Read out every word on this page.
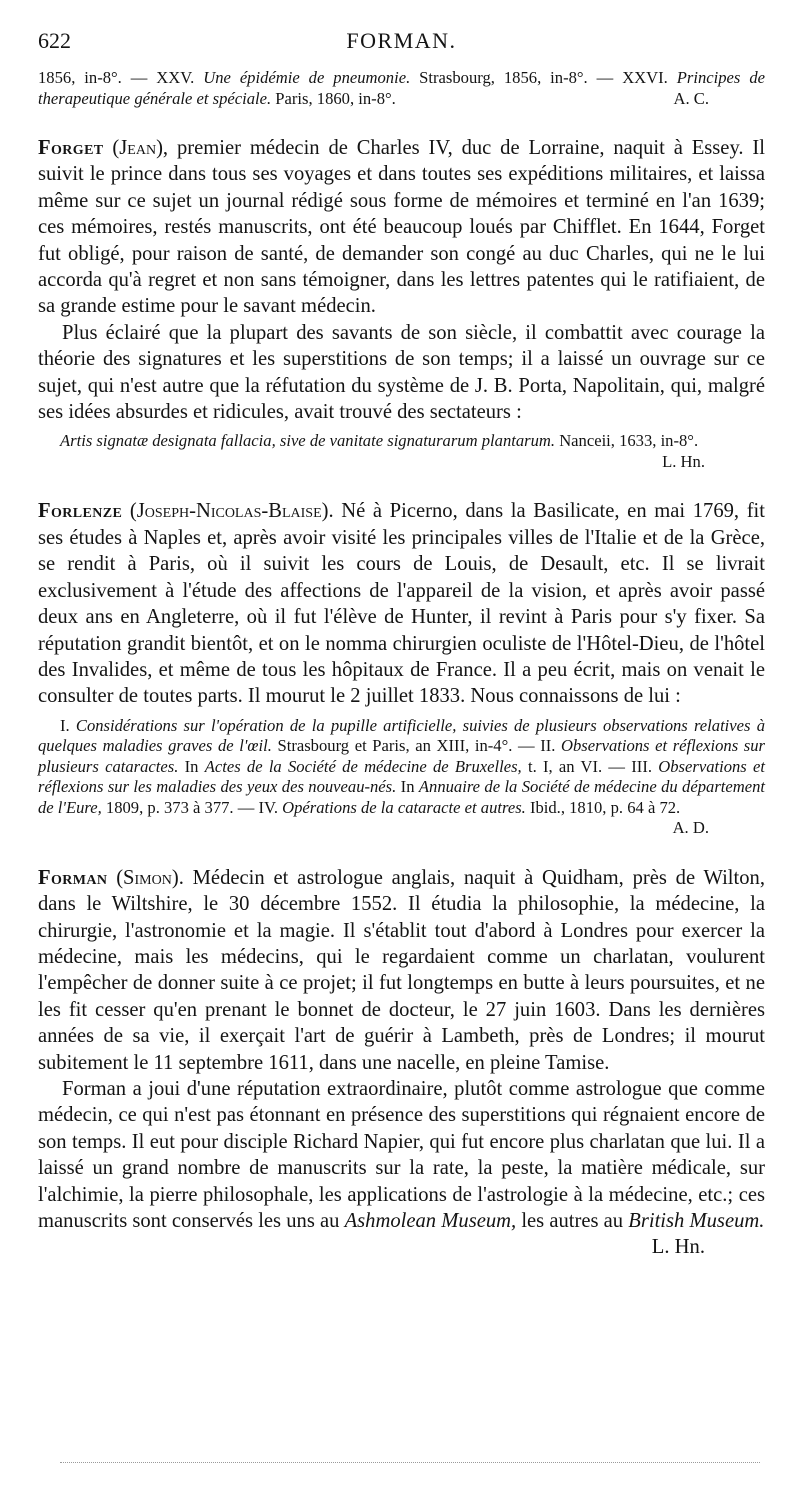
622	FORMAN.

1856, in-8°. — XXV. Une épidémie de pneumonie. Strasbourg, 1856, in-8°. — XXVI. Principes de therapeutique générale et spéciale. Paris, 1860, in-8°.	A. C.

Forget (Jean), premier médecin de Charles IV, duc de Lorraine, naquit à Essey. Il suivit le prince dans tous ses voyages et dans toutes ses expéditions militaires, et laissa même sur ce sujet un journal rédigé sous forme de mémoires et terminé en l'an 1639; ces mémoires, restés manuscrits, ont été beaucoup loués par Chifflet. En 1644, Forget fut obligé, pour raison de santé, de demander son congé au duc Charles, qui ne le lui accorda qu'à regret et non sans témoigner, dans les lettres patentes qui le ratifiaient, de sa grande estime pour le savant médecin.

Plus éclairé que la plupart des savants de son siècle, il combattit avec courage la théorie des signatures et les superstitions de son temps; il a laissé un ouvrage sur ce sujet, qui n'est autre que la réfutation du système de J. B. Porta, Napolitain, qui, malgré ses idées absurdes et ridicules, avait trouvé des sectateurs :

Artis signatæ designata fallacia, sive de vanitate signaturarum plantarum. Nanceii, 1633, in-8°.
L. Hn.

Forlenze (Joseph-Nicolas-Blaise). Né à Picerno, dans la Basilicate, en mai 1769, fit ses études à Naples et, après avoir visité les principales villes de l'Italie et de la Grèce, se rendit à Paris, où il suivit les cours de Louis, de Desault, etc. Il se livrait exclusivement à l'étude des affections de l'appareil de la vision, et après avoir passé deux ans en Angleterre, où il fut l'élève de Hunter, il revint à Paris pour s'y fixer. Sa réputation grandit bientôt, et on le nomma chirurgien oculiste de l'Hôtel-Dieu, de l'hôtel des Invalides, et même de tous les hôpitaux de France. Il a peu écrit, mais on venait le consulter de toutes parts. Il mourut le 2 juillet 1833. Nous connaissons de lui :

I. Considérations sur l'opération de la pupille artificielle, suivies de plusieurs observations relatives à quelques maladies graves de l'œil. Strasbourg et Paris, an XIII, in-4°. — II. Observations et réflexions sur plusieurs cataractes. In Actes de la Société de médecine de Bruxelles, t. I, an VI. — III. Observations et réflexions sur les maladies des yeux des nouveau-nés. In Annuaire de la Société de médecine du département de l'Eure, 1809, p. 373 à 377. — IV. Opérations de la cataracte et autres. Ibid., 1810, p. 64 à 72.
A. D.

Forman (Simon). Médecin et astrologue anglais, naquit à Quidham, près de Wilton, dans le Wiltshire, le 30 décembre 1552. Il étudia la philosophie, la médecine, la chirurgie, l'astronomie et la magie. Il s'établit tout d'abord à Londres pour exercer la médecine, mais les médecins, qui le regardaient comme un charlatan, voulurent l'empêcher de donner suite à ce projet; il fut longtemps en butte à leurs poursuites, et ne les fit cesser qu'en prenant le bonnet de docteur, le 27 juin 1603. Dans les dernières années de sa vie, il exerçait l'art de guérir à Lambeth, près de Londres; il mourut subitement le 11 septembre 1611, dans une nacelle, en pleine Tamise.

Forman a joui d'une réputation extraordinaire, plutôt comme astrologue que comme médecin, ce qui n'est pas étonnant en présence des superstitions qui régnaient encore de son temps. Il eut pour disciple Richard Napier, qui fut encore plus charlatan que lui. Il a laissé un grand nombre de manuscrits sur la rate, la peste, la matière médicale, sur l'alchimie, la pierre philosophale, les applications de l'astrologie à la médecine, etc.; ces manuscrits sont conservés les uns au Ashmolean Museum, les autres au British Museum.
L. Hn.
